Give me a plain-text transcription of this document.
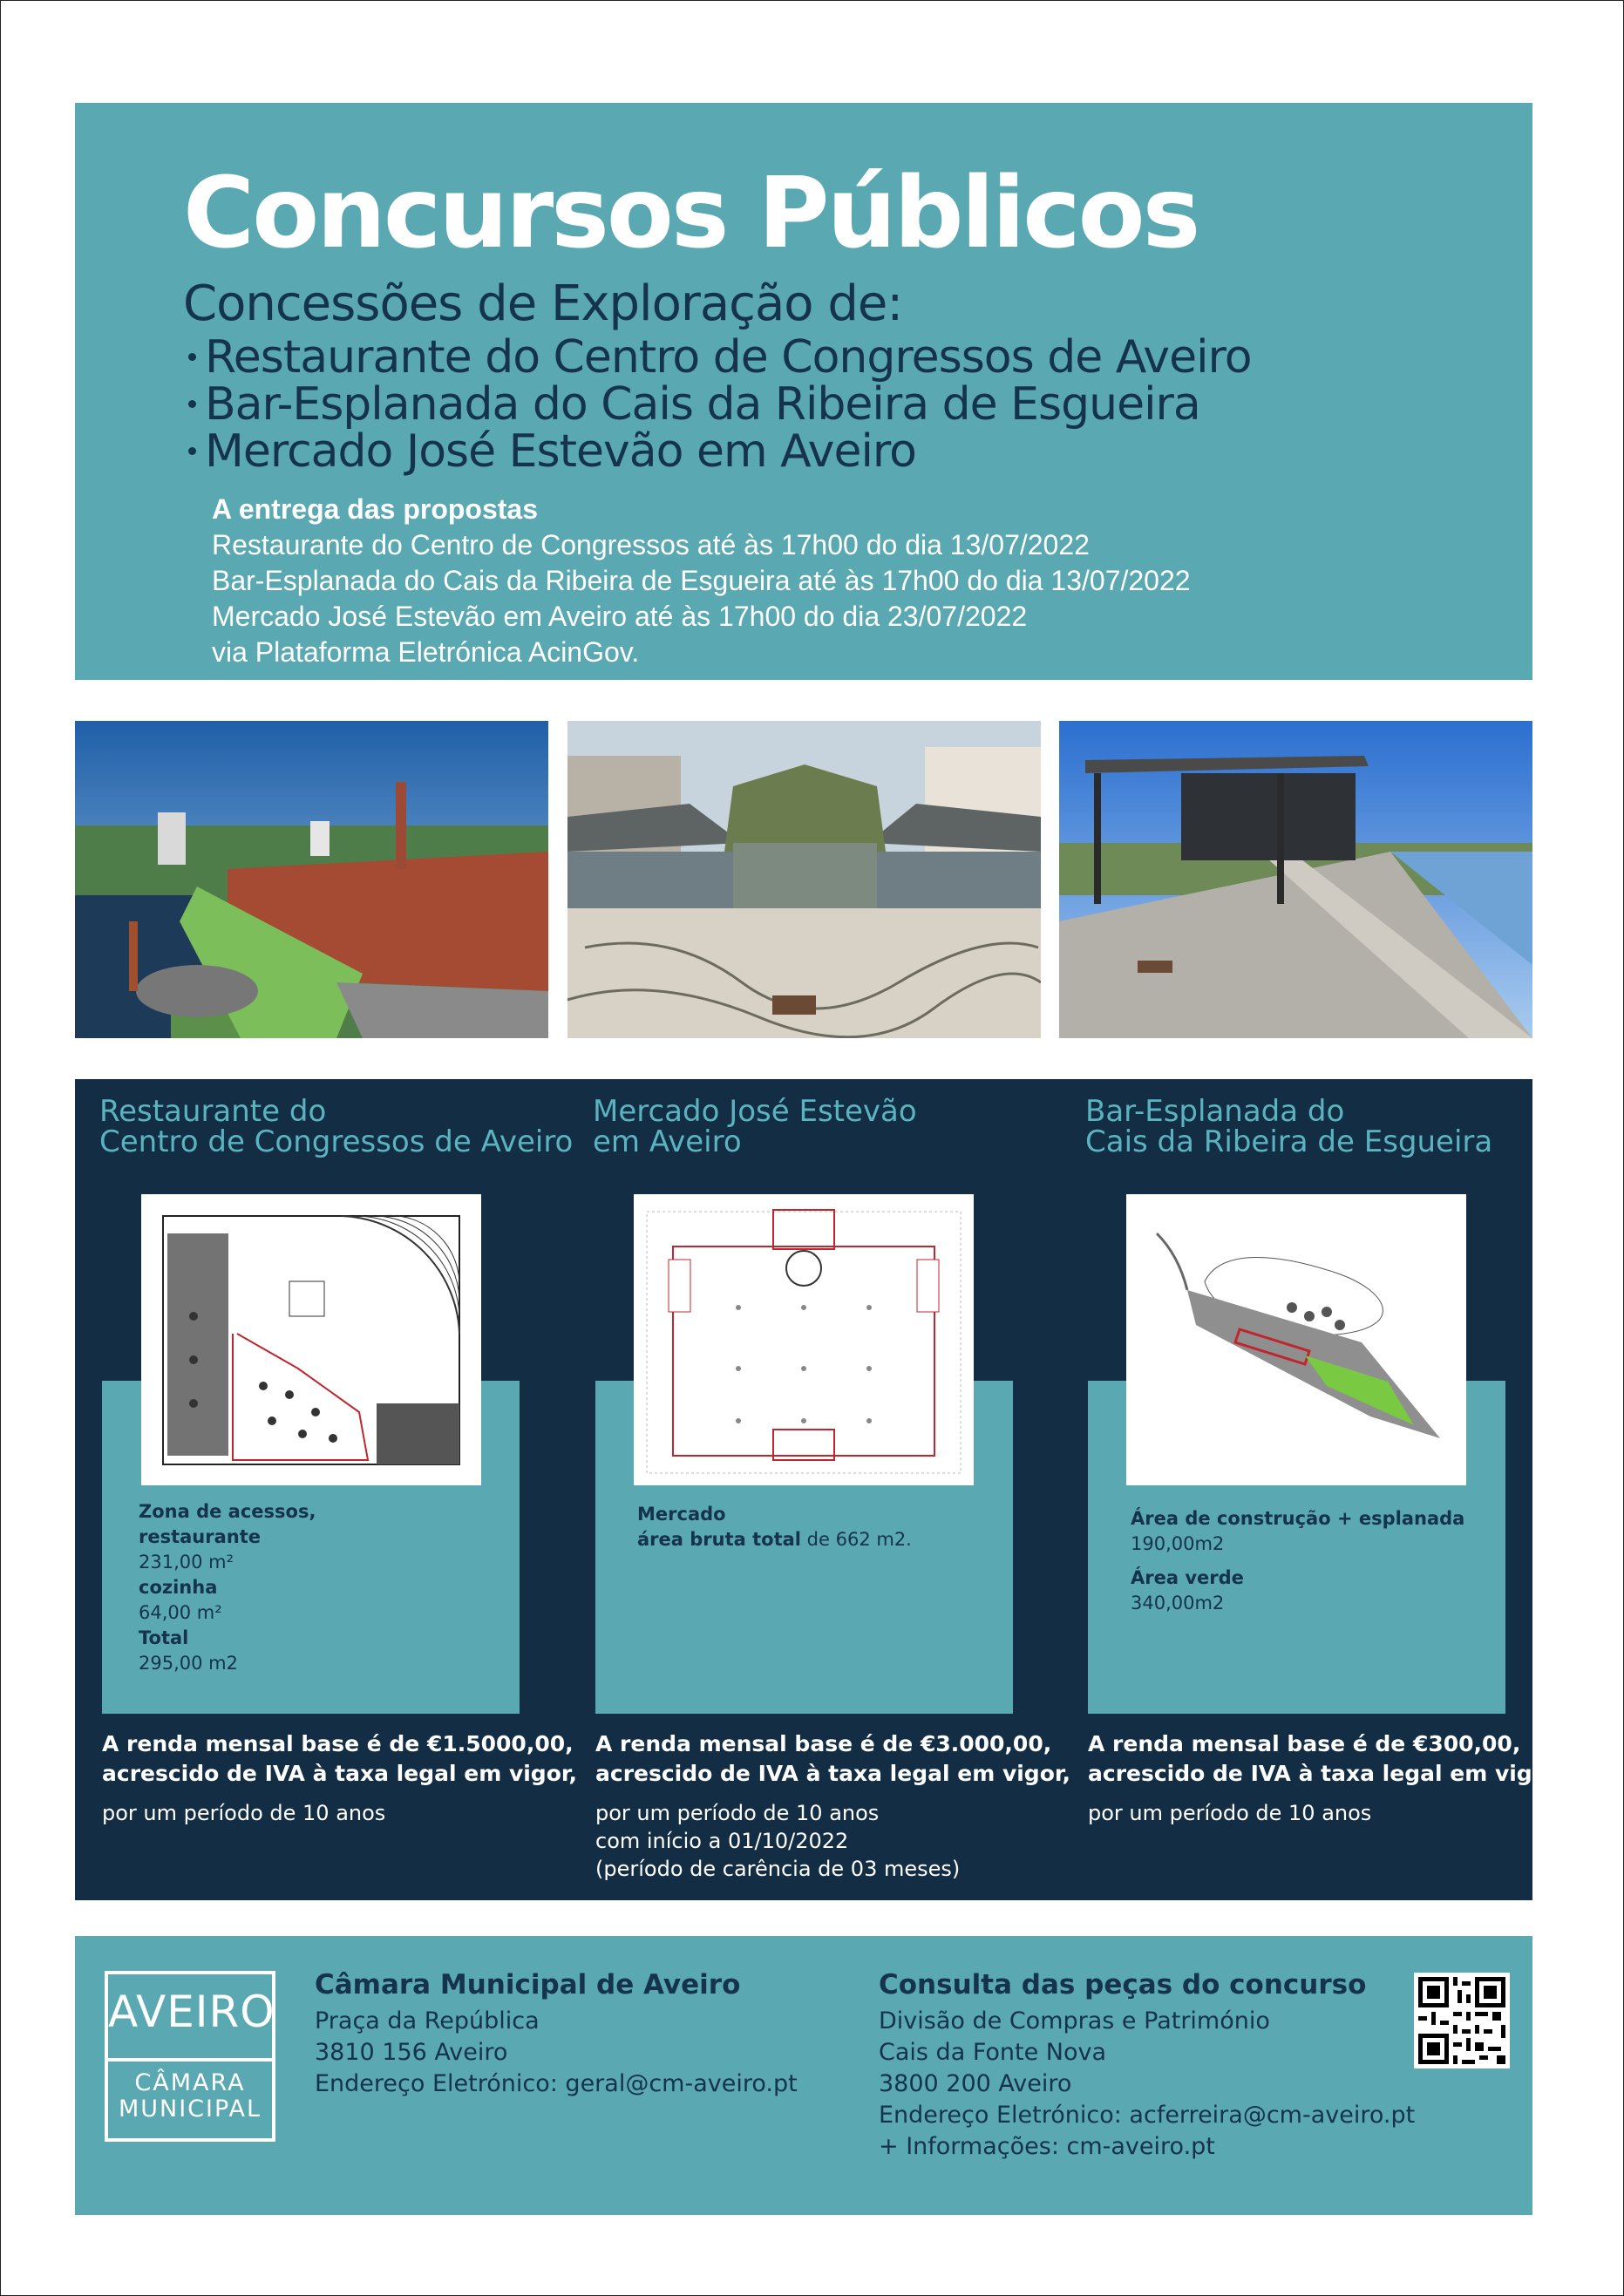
Concursos Públicos
Concessões de Exploração de:
Restaurante do Centro de Congressos de Aveiro
Bar-Esplanada do Cais da Ribeira de Esgueira
Mercado José Estevão em Aveiro
A entrega das propostas
Restaurante do Centro de Congressos até às 17h00 do dia 13/07/2022
Bar-Esplanada do Cais da Ribeira de Esgueira até às 17h00 do dia 13/07/2022
Mercado José Estevão em Aveiro até às 17h00 do dia 23/07/2022
via Plataforma Eletrónica AcinGov.
Restaurante do
Centro de Congressos de Aveiro
Zona de acessos,
restaurante
231,00 m²
cozinha
64,00 m²
Total
295,00 m2
A renda mensal base é de €1.5000,00,
acrescido de IVA à taxa legal em vigor,
por um período de 10 anos
Mercado José Estevão
em Aveiro
Mercado
área bruta total de 662 m2.
A renda mensal base é de €3.000,00,
acrescido de IVA à taxa legal em vigor,
por um período de 10 anos
com início a 01/10/2022
(período de carência de 03 meses)
Bar-Esplanada do
Cais da Ribeira de Esgueira
Área de construção + esplanada
190,00m2
Área verde
340,00m2
A renda mensal base é de €300,00,
acrescido de IVA à taxa legal em vigor,
por um período de 10 anos
AVEIRO
CÂMARA
MUNICIPAL
Câmara Municipal de Aveiro
Praça da República
3810 156 Aveiro
Endereço Eletrónico: geral@cm-aveiro.pt
Consulta das peças do concurso
Divisão de Compras e Património
Cais da Fonte Nova
3800 200 Aveiro
Endereço Eletrónico: acferreira@cm-aveiro.pt
+ Informações: cm-aveiro.pt
